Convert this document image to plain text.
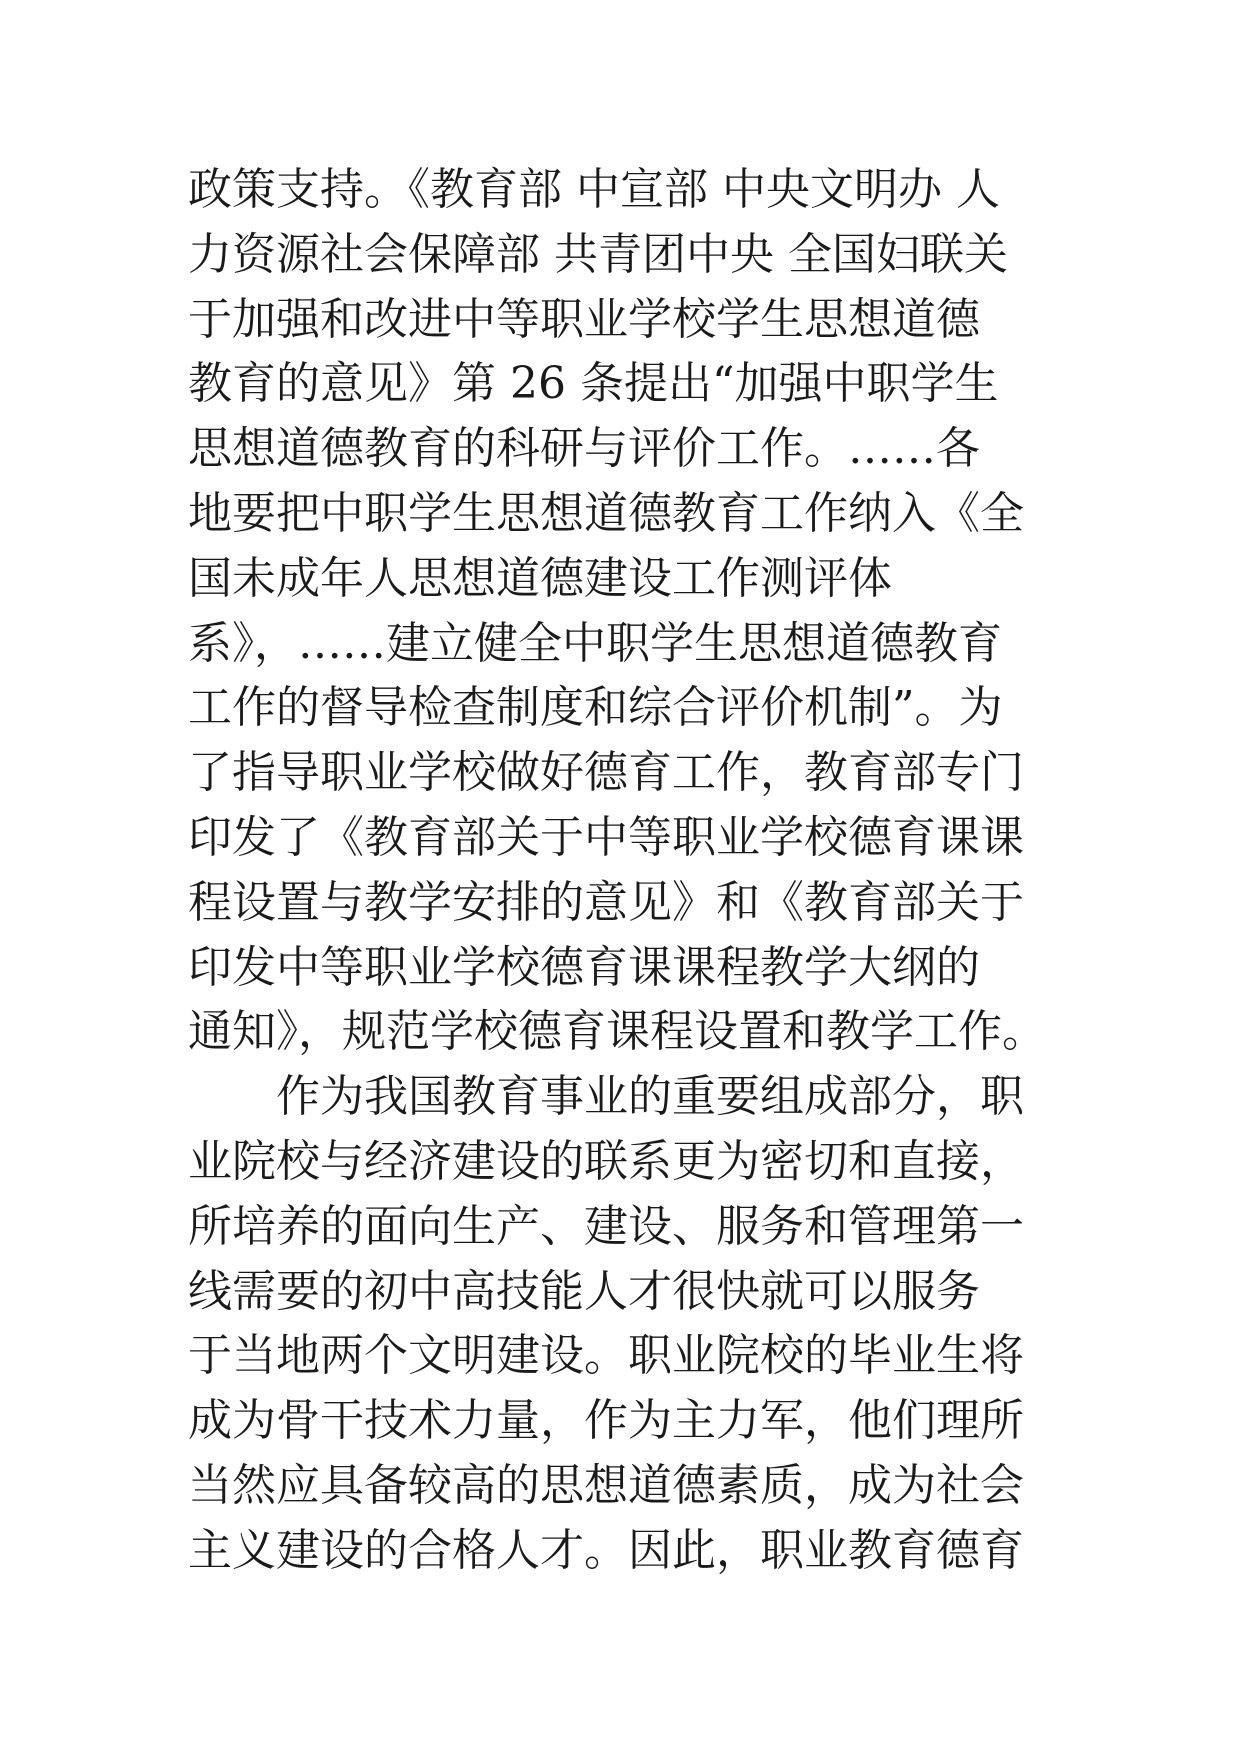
政策支持。《教育部 中宣部 中央文明办 人
力资源社会保障部 共青团中央 全国妇联关
于加强和改进中等职业学校学生思想道德
教育的意见》第 26 条提出“加强中职学生
思想道德教育的科研与评价工作。……各
地要把中职学生思想道德教育工作纳入《全
国未成年人思想道德建设工作测评体
系》，……建立健全中职学生思想道德教育
工作的督导检查制度和综合评价机制”。为
了指导职业学校做好德育工作，教育部专门
印发了《教育部关于中等职业学校德育课课
程设置与教学安排的意见》和《教育部关于
印发中等职业学校德育课课程教学大纲的
通知》，规范学校德育课程设置和教学工作。
　　作为我国教育事业的重要组成部分，职
业院校与经济建设的联系更为密切和直接，
所培养的面向生产、建设、服务和管理第一
线需要的初中高技能人才很快就可以服务
于当地两个文明建设。职业院校的毕业生将
成为骨干技术力量，作为主力军，他们理所
当然应具备较高的思想道德素质，成为社会
主义建设的合格人才。因此，职业教育德育
